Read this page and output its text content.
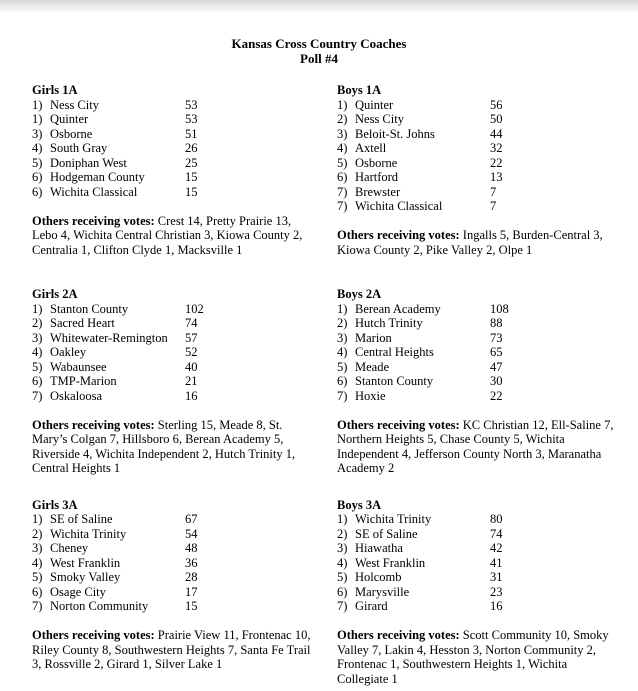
Kansas Cross Country Coaches
Poll #4
Girls 1A
1) Ness City	53
1) Quinter	53
3) Osborne	51
4) South Gray	26
5) Doniphan West	25
6) Hodgeman County	15
6) Wichita Classical	15

Others receiving votes: Crest 14, Pretty Prairie 13, Lebo 4, Wichita Central Christian 3, Kiowa County 2, Centralia 1, Clifton Clyde 1, Macksville 1

Boys 1A
1) Quinter	56
2) Ness City	50
3) Beloit-St. Johns	44
4) Axtell	32
5) Osborne	22
6) Hartford	13
7) Brewster	7
7) Wichita Classical	7

Others receiving votes: Ingalls 5, Burden-Central 3, Kiowa County 2, Pike Valley 2, Olpe 1

Girls 2A
1) Stanton County	102
2) Sacred Heart	74
3) Whitewater-Remington 57
4) Oakley	52
5) Wabaunsee	40
6) TMP-Marion	21
7) Oskaloosa	16

Others receiving votes: Sterling 15, Meade 8, St. Mary’s Colgan 7, Hillsboro 6, Berean Academy 5, Riverside 4, Wichita Independent 2, Hutch Trinity 1, Central Heights 1

Boys 2A
1) Berean Academy	108
2) Hutch Trinity	88
3) Marion	73
4) Central Heights	65
5) Meade	47
6) Stanton County	30
7) Hoxie	22

Others receiving votes: KC Christian 12, Ell-Saline 7, Northern Heights 5, Chase County 5, Wichita Independent 4, Jefferson County North 3, Maranatha Academy 2

Girls 3A
1) SE of Saline	67
2) Wichita Trinity	54
3) Cheney	48
4) West Franklin	36
5) Smoky Valley	28
6) Osage City	17
7) Norton Community	15

Others receiving votes: Prairie View 11, Frontenac 10, Riley County 8, Southwestern Heights 7, Santa Fe Trail 3, Rossville 2, Girard 1, Silver Lake 1

Boys 3A
1) Wichita Trinity	80
2) SE of Saline	74
3) Hiawatha	42
4) West Franklin	41
5) Holcomb	31
6) Marysville	23
7) Girard	16

Others receiving votes: Scott Community 10, Smoky Valley 7, Lakin 4, Hesston 3, Norton Community 2, Frontenac 1, Southwestern Heights 1, Wichita Collegiate 1
